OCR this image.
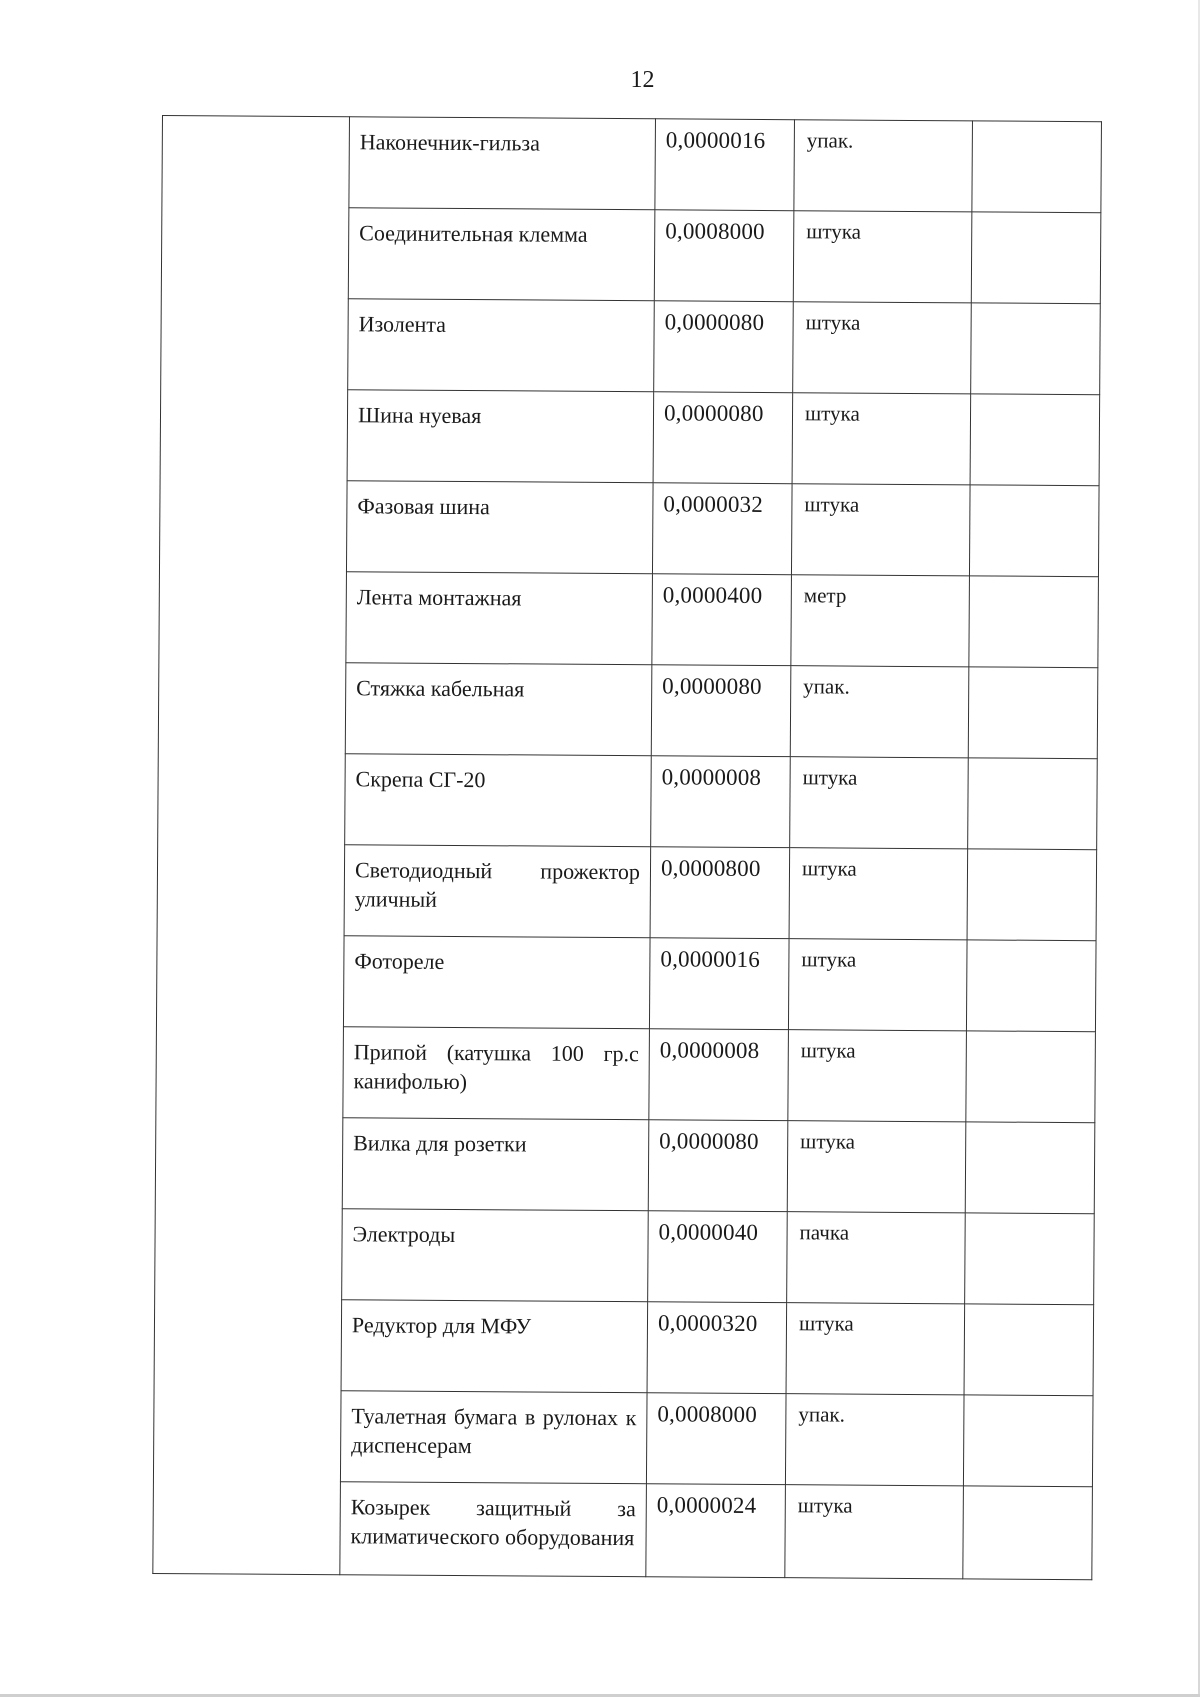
12
	Наконечник-гильза	0,0000016	упак.	
	Соединительная клемма	0,0008000	штука	
	Изолента	0,0000080	штука	
	Шина нуевая	0,0000080	штука	
	Фазовая шина	0,0000032	штука	
	Лента монтажная	0,0000400	метр	
	Стяжка кабельная	0,0000080	упак.	
	Скрепа СГ-20	0,0000008	штука	
	Светодиодный прожектор уличный	0,0000800	штука	
	Фотореле	0,0000016	штука	
	Припой (катушка 100 гр.с канифолью)	0,0000008	штука	
	Вилка для розетки	0,0000080	штука	
	Электроды	0,0000040	пачка	
	Редуктор для МФУ	0,0000320	штука	
	Туалетная бумага в рулонах к диспенсерам	0,0008000	упак.	
	Козырек защитный за климатического оборудования	0,0000024	штука	
